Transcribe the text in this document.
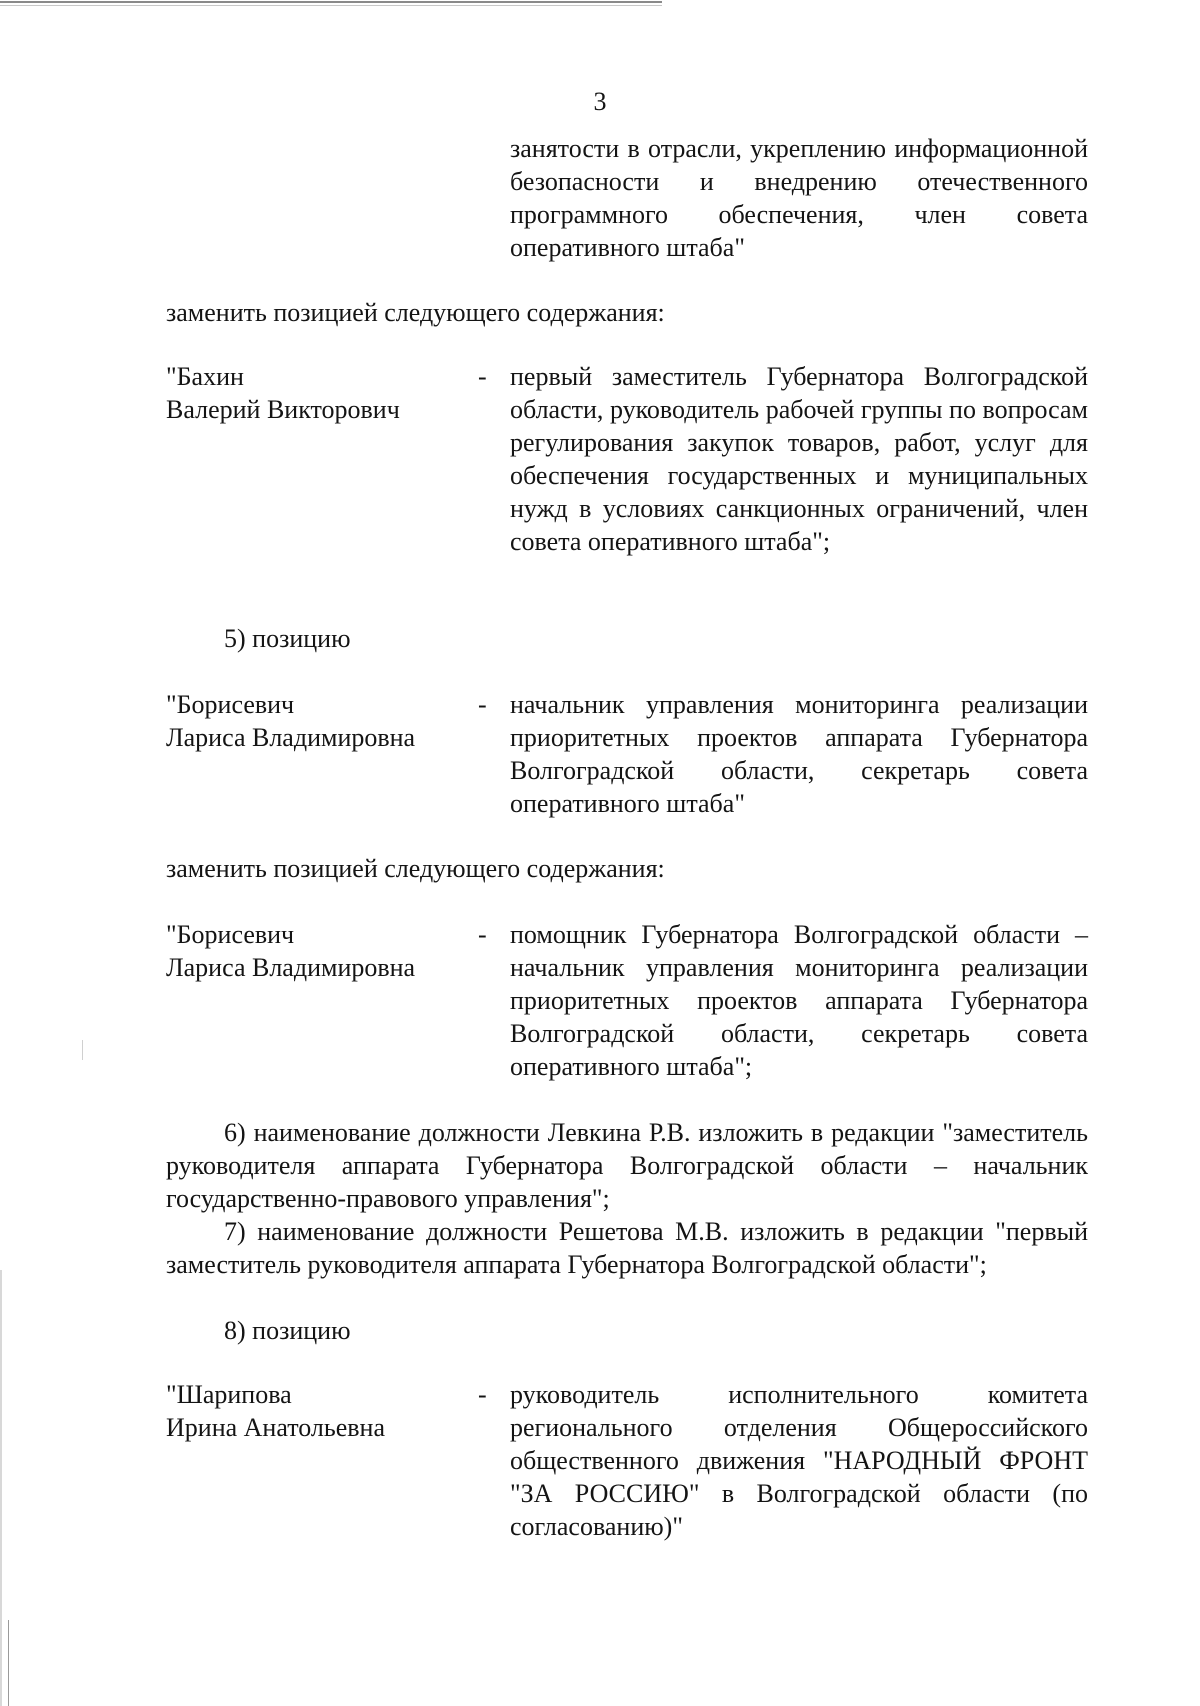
3
занятости в отрасли, укреплению информационной безопасности и внедрению отечественного программного обеспечения, член совета оперативного штаба"
заменить позицией следующего содержания:
"Бахин
Валерий Викторович
- первый заместитель Губернатора Волгоградской области, руководитель рабочей группы по вопросам регулирования закупок товаров, работ, услуг для обеспечения государственных и муниципальных нужд в условиях санкционных ограничений, член совета оперативного штаба";
5) позицию
"Борисевич
Лариса Владимировна
- начальник управления мониторинга реализации приоритетных проектов аппарата Губернатора Волгоградской области, секретарь совета оперативного штаба"
заменить позицией следующего содержания:
"Борисевич
Лариса Владимировна
- помощник Губернатора Волгоградской области – начальник управления мониторинга реализации приоритетных проектов аппарата Губернатора Волгоградской области, секретарь совета оперативного штаба";
6) наименование должности Левкина Р.В. изложить в редакции "заместитель руководителя аппарата Губернатора Волгоградской области – начальник государственно-правового управления";
7) наименование должности Решетова М.В. изложить в редакции "первый заместитель руководителя аппарата Губернатора Волгоградской области";
8) позицию
"Шарипова
Ирина Анатольевна
- руководитель исполнительного комитета регионального отделения Общероссийского общественного движения "НАРОДНЫЙ ФРОНТ "ЗА РОССИЮ" в Волгоградской области (по согласованию)"
